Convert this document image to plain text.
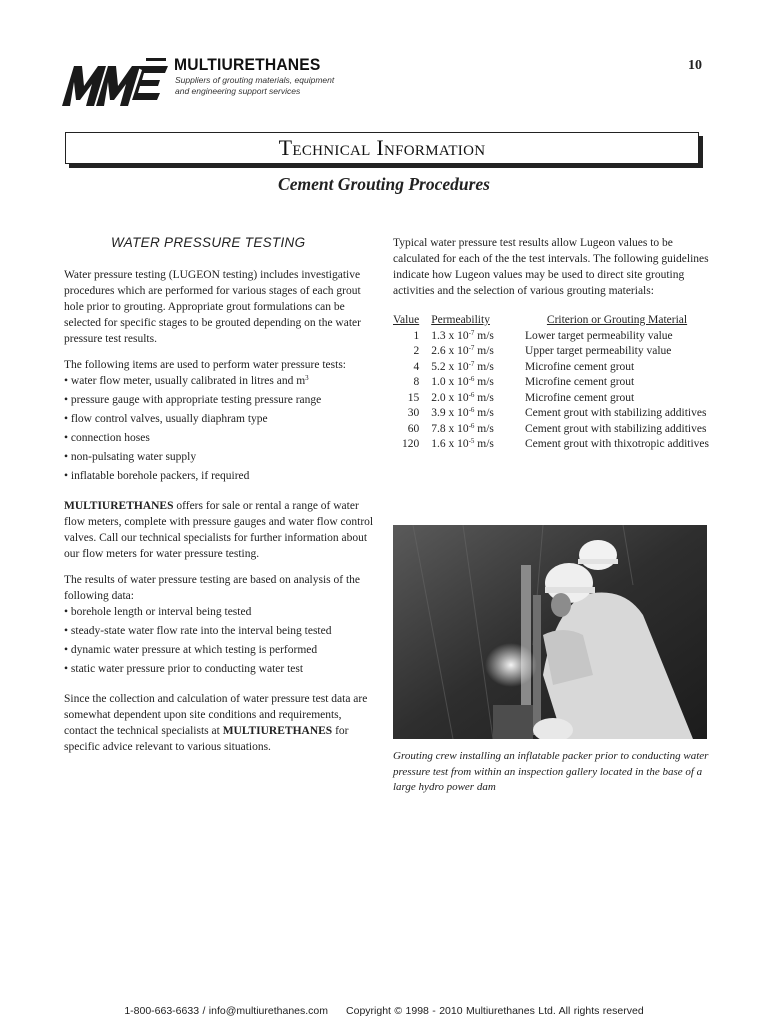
MULTIURETHANES
Suppliers of grouting materials, equipment
and engineering support services
10
Technical Information
Cement Grouting Procedures
WATER PRESSURE TESTING

Water pressure testing (LUGEON testing) includes investigative procedures which are performed for various stages of each grout hole prior to grouting. Appropriate grout formulations can be selected for specific stages to be grouted depending on the water pressure test results.

The following items are used to perform water pressure tests:

• water flow meter, usually calibrated in litres and $m^3$
• pressure gauge with appropriate testing pressure range
• flow control valves, usually diaphram type
• connection hoses
• non-pulsating water supply
• inflatable borehole packers, if required

MULTIURETHANES offers for sale or rental a range of water flow meters, complete with pressure gauges and water flow control valves. Call our technical specialists for further information about our flow meters for water pressure testing.

The results of water pressure testing are based on analysis of the following data:

• borehole length or interval being tested
• steady-state water flow rate into the interval being tested
• dynamic water pressure at which testing is performed
• static water pressure prior to conducting water test

Since the collection and calculation of water pressure test data are somewhat dependent upon site conditions and requirements, contact the technical specialists at MULTIURETHANES for specific advice relevant to various situations.

Typical water pressure test results allow Lugeon values to be calculated for each of the the test intervals. The following guidelines indicate how Lugeon values may be used to direct site grouting activities and the selection of various grouting materials:

Value	Permeability	Criterion or Grouting Material
1	1.3 x $10^{-7}$ m/s	Lower target permeability value
2	2.6 x $10^{-7}$ m/s	Upper target permeability value
4	5.2 x $10^{-7}$ m/s	Microfine cement grout
8	1.0 x $10^{-6}$ m/s	Microfine cement grout
15	2.0 x $10^{-6}$ m/s	Microfine cement grout
30	3.9 x $10^{-6}$ m/s	Cement grout with stabilizing additives
60	7.8 x $10^{-6}$ m/s	Cement grout with stabilizing additives
120	1.6 x $10^{-5}$ m/s	Cement grout with thixotropic additives
Grouting crew installing an inflatable packer prior to conducting water pressure test from within an inspection gallery located in the base of a large hydro power dam
1-800-663-6633 / info@multiurethanes.com Copyright © 1998 - 2010 Multiurethanes Ltd. All rights reserved
